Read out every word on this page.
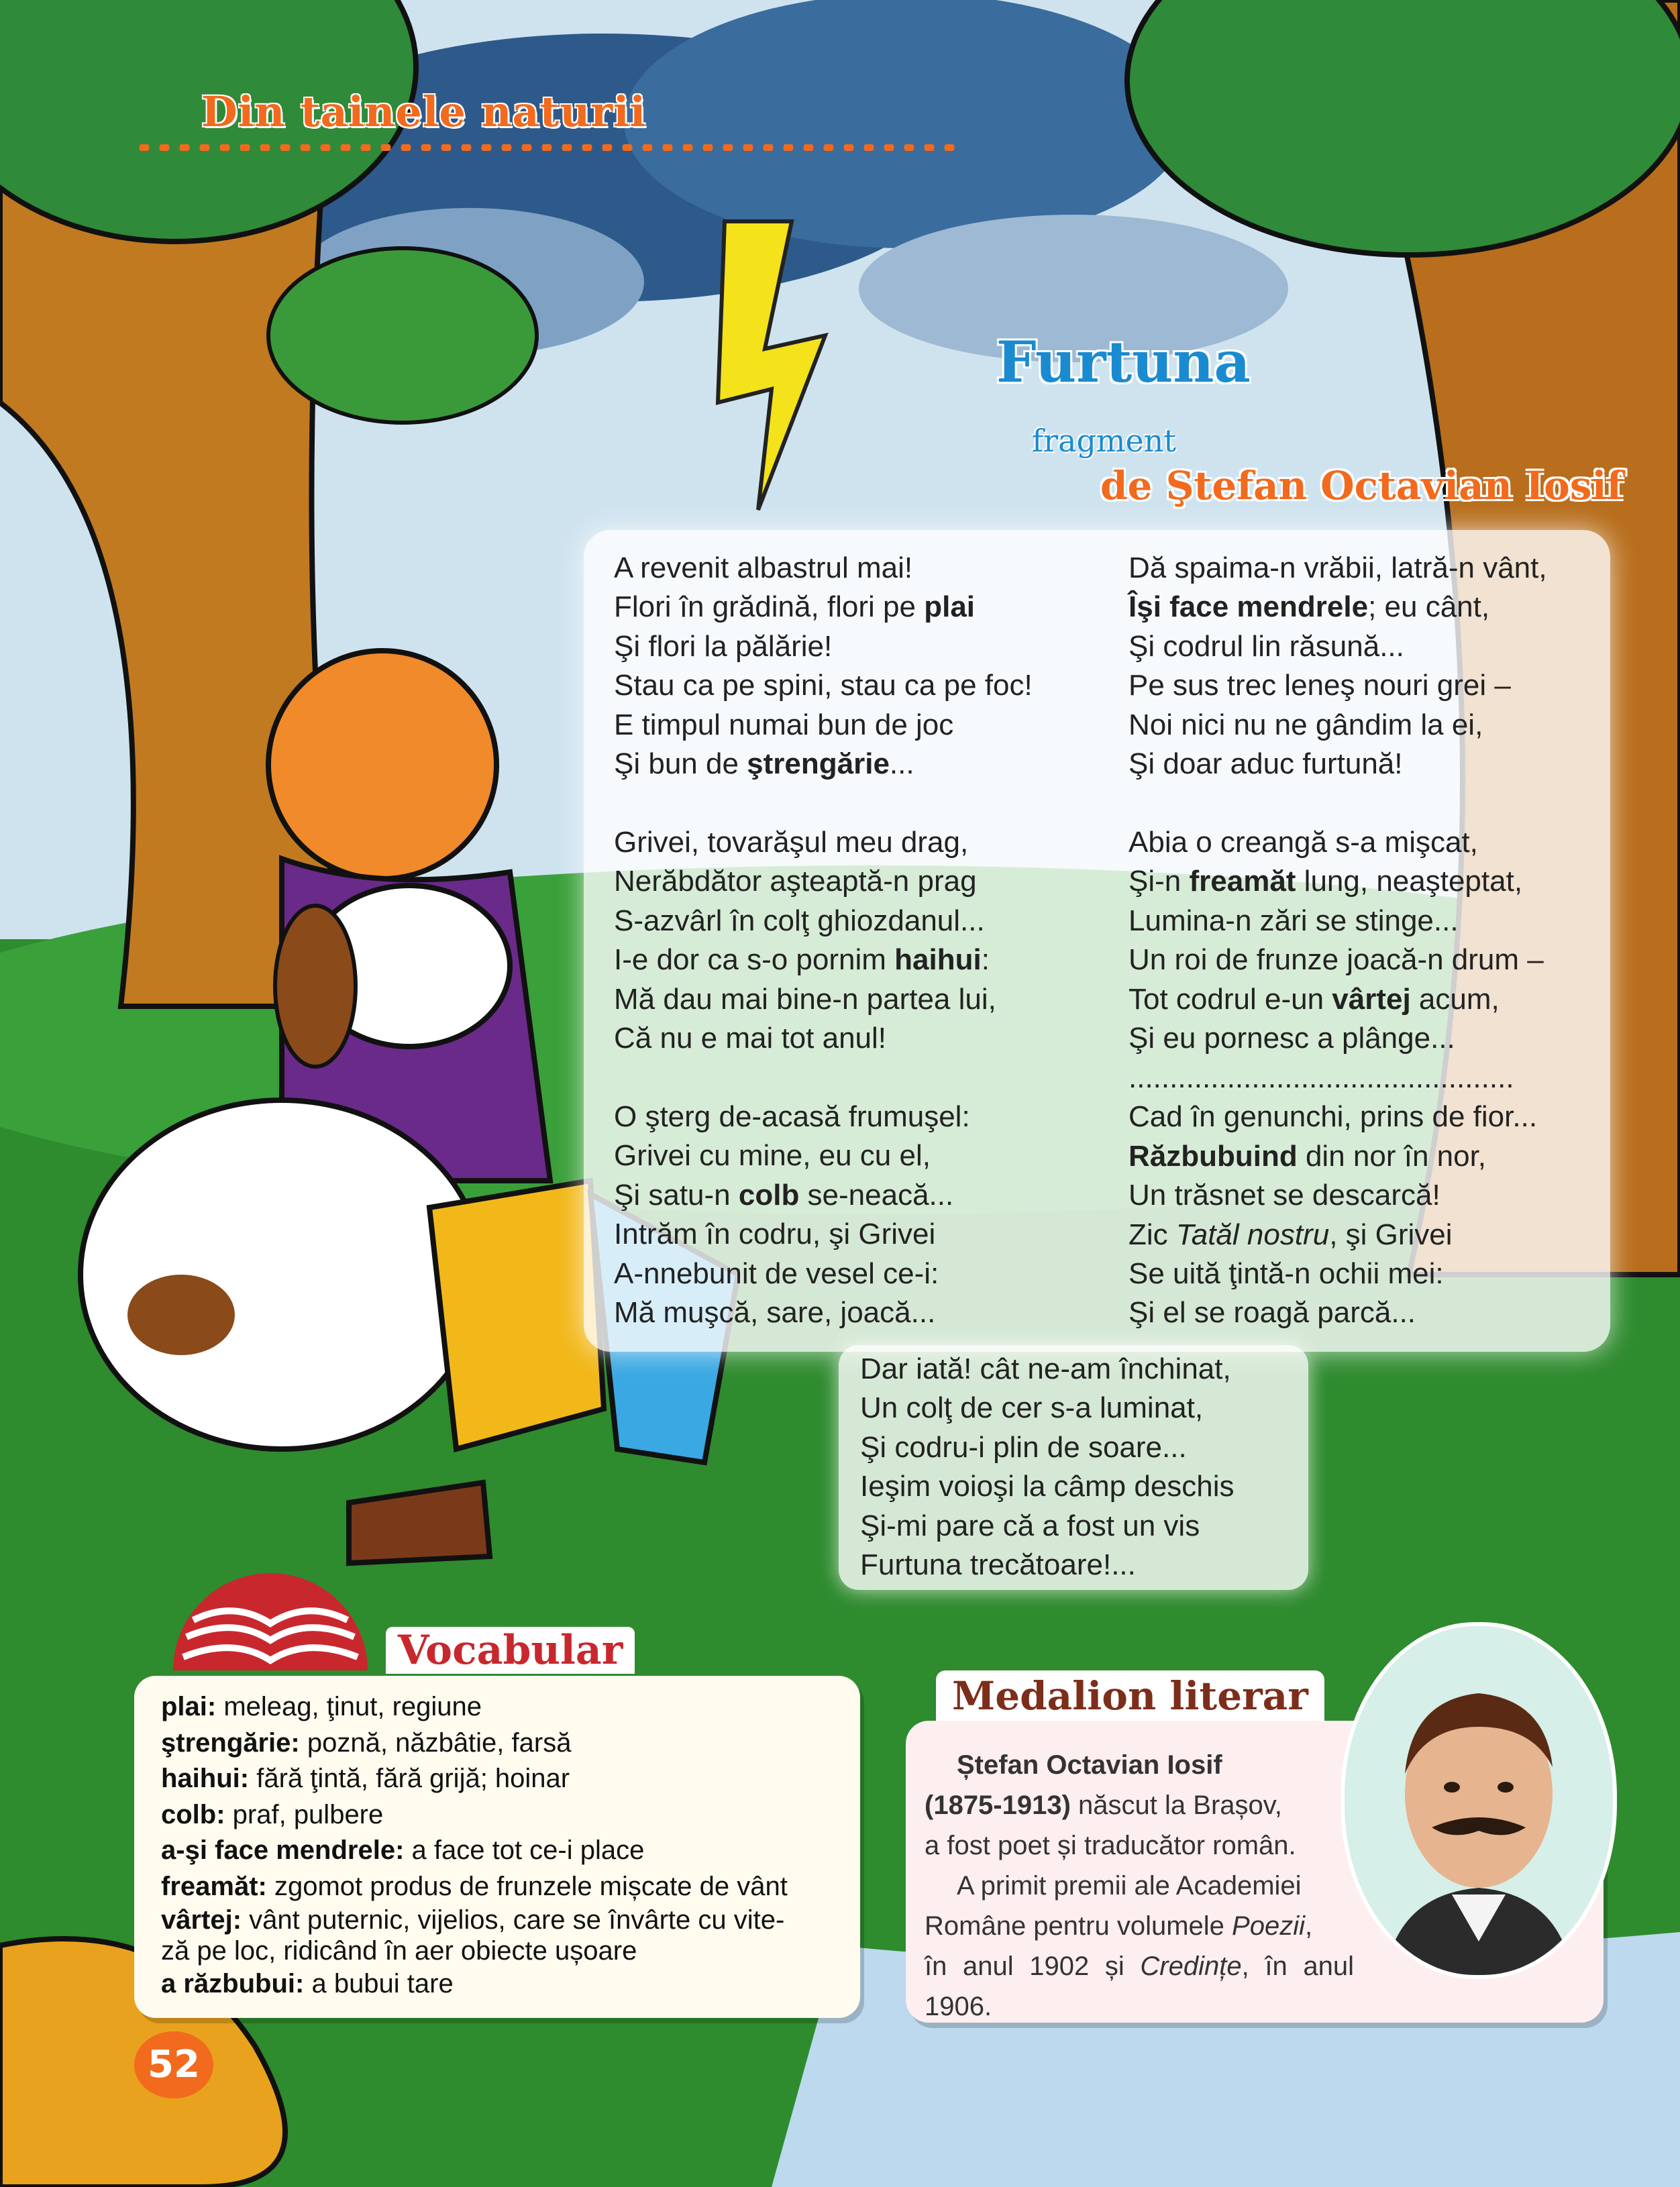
Din tainele naturii
Furtuna
fragment
de Ştefan Octavian Iosif
A revenit albastrul mai!
Flori în grădină, flori pe plai
Şi flori la pălărie!
Stau ca pe spini, stau ca pe foc!
E timpul numai bun de joc
Şi bun de ştrengărie...
Grivei, tovarăşul meu drag,
Nerăbdător aşteaptă-n prag
S-azvârl în colţ ghiozdanul...
I-e dor ca s-o pornim haihui:
Mă dau mai bine-n partea lui,
Că nu e mai tot anul!
O şterg de-acasă frumuşel:
Grivei cu mine, eu cu el,
Şi satu-n colb se-neacă...
Intrăm în codru, şi Grivei
A-nnebunit de vesel ce-i:
Mă muşcă, sare, joacă...
Dă spaima-n vrăbii, latră-n vânt,
Îşi face mendrele; eu cânt,
Şi codrul lin răsună...
Pe sus trec leneş nouri grei –
Noi nici nu ne gândim la ei,
Şi doar aduc furtună!
Abia o creangă s-a mişcat,
Şi-n freamăt lung, neaşteptat,
Lumina-n zări se stinge...
Un roi de frunze joacă-n drum –
Tot codrul e-un vârtej acum,
Şi eu pornesc a plânge...
...............................................
Cad în genunchi, prins de fior...
Răzbubuind din nor în nor,
Un trăsnet se descarcă!
Zic Tatăl nostru, şi Grivei
Se uită ţintă-n ochii mei:
Şi el se roagă parcă...
Dar iată! cât ne-am închinat,
Un colţ de cer s-a luminat,
Şi codru-i plin de soare...
Ieşim voioşi la câmp deschis
Şi-mi pare că a fost un vis
Furtuna trecătoare!...
Vocabular
plai: meleag, ţinut, regiune
ştrengărie: poznă, năzbâtie, farsă
haihui: fără ţintă, fără grijă; hoinar
colb: praf, pulbere
a-şi face mendrele: a face tot ce-i place
freamăt: zgomot produs de frunzele mișcate de vânt
vârtej: vânt puternic, vijelios, care se învârte cu vite-
ză pe loc, ridicând în aer obiecte ușoare
a răzbubui: a bubui tare
Medalion literar
Ștefan Octavian Iosif
(1875-1913) născut la Brașov,
a fost poet și traducător român.
A primit premii ale Academiei
Române pentru volumele Poezii,
în anul 1902 și Credințe, în anul
1906.
52
